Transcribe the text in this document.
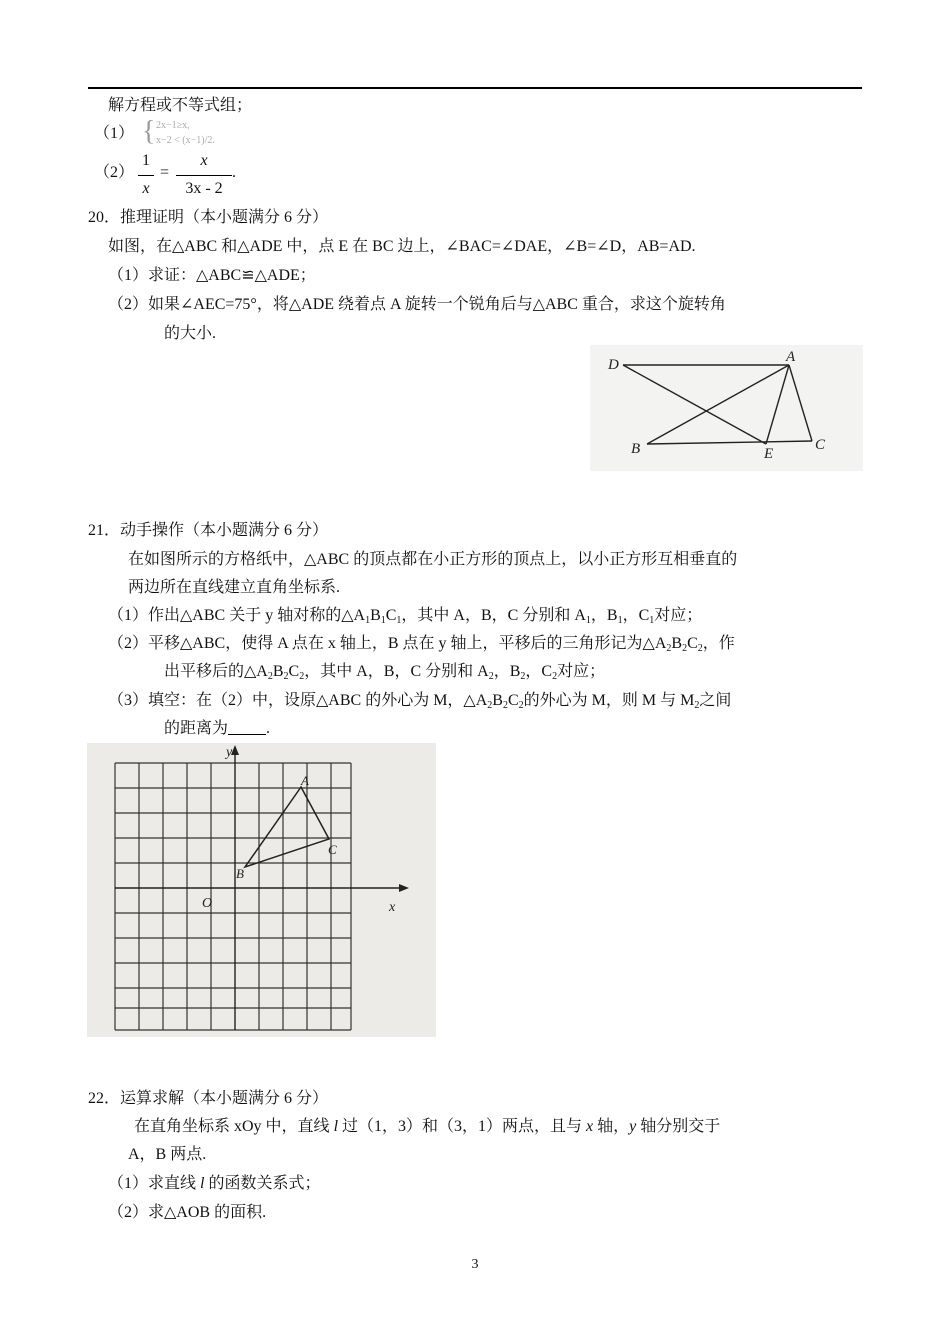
解方程或不等式组；
（1） { 2x−1≥x,
x−2 < (x−1)/2.
（2）
1
x
=
x
3x - 2
.
20．推理证明（本小题满分 6 分）
如图，在△ABC 和△ADE 中，点 E 在 BC 边上，∠BAC=∠DAE，∠B=∠D，AB=AD.
（1）求证：△ABC≌△ADE；
（2）如果∠AEC=75°，将△ADE 绕着点 A 旋转一个锐角后与△ABC 重合，求这个旋转角
的大小.
D	A
B	E
C
21．动手操作（本小题满分 6 分）
在如图所示的方格纸中，△ABC 的顶点都在小正方形的顶点上，以小正方形互相垂直的
两边所在直线建立直角坐标系.
（1）作出△ABC 关于 y 轴对称的$\triangle A_1B_1C_1$，其中 A，B，C 分别和 $A_1$，$B_1$，$C_1$对应；
（2）平移△ABC，使得 A 点在 x 轴上，B 点在 y 轴上，平移后的三角形记为$\triangle A_2B_2C_2$，作
出平移后的$\triangle A_2B_2C_2$，其中 A，B，C 分别和 $A_2$，$B_2$，$C_2$对应；
（3）填空：在（2）中，设原△ABC 的外心为 M，$\triangle A_2B_2C_2$的外心为 M，则 M 与 $M_2$之间
的距离为 .
y
x
O
A
B
C
22．运算求解（本小题满分 6 分）
在直角坐标系 xOy 中，直线 l 过（1，3）和（3，1）两点，且与 x 轴，y 轴分别交于
A，B 两点.
（1）求直线 l 的函数关系式；
（2）求△AOB 的面积.
3
